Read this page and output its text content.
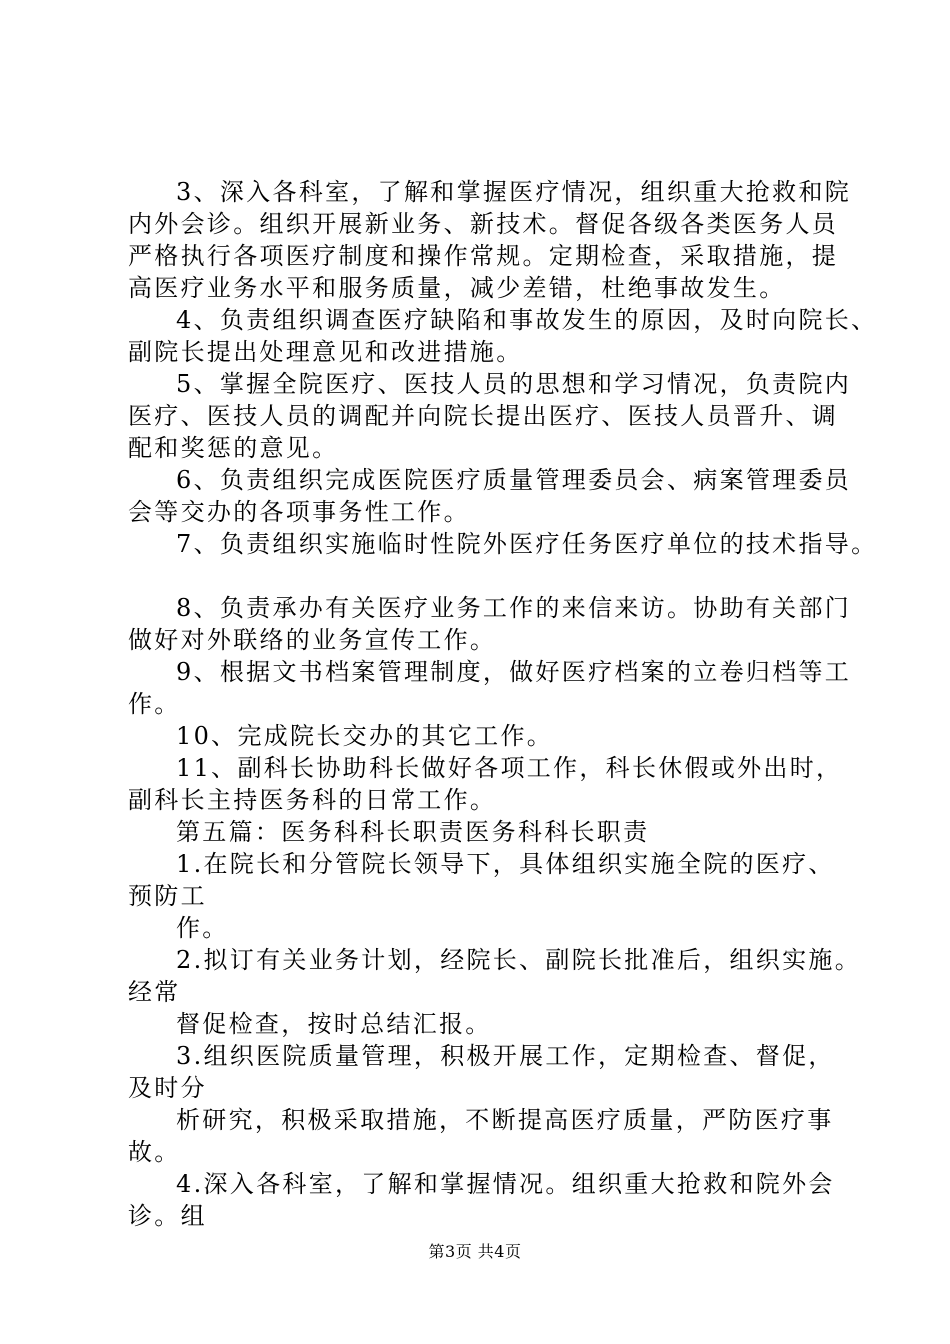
3、深入各科室，了解和掌握医疗情况，组织重大抢救和院
内外会诊。组织开展新业务、新技术。督促各级各类医务人员
严格执行各项医疗制度和操作常规。定期检查，采取措施，提
高医疗业务水平和服务质量，减少差错，杜绝事故发生。
4、负责组织调查医疗缺陷和事故发生的原因，及时向院长、
副院长提出处理意见和改进措施。
5、掌握全院医疗、医技人员的思想和学习情况，负责院内
医疗、医技人员的调配并向院长提出医疗、医技人员晋升、调
配和奖惩的意见。
6、负责组织完成医院医疗质量管理委员会、病案管理委员
会等交办的各项事务性工作。
7、负责组织实施临时性院外医疗任务医疗单位的技术指导。
8、负责承办有关医疗业务工作的来信来访。协助有关部门
做好对外联络的业务宣传工作。
9、根据文书档案管理制度，做好医疗档案的立卷归档等工
作。
10、完成院长交办的其它工作。
11、副科长协助科长做好各项工作，科长休假或外出时，
副科长主持医务科的日常工作。
第五篇：医务科科长职责医务科科长职责
1.在院长和分管院长领导下，具体组织实施全院的医疗、
预防工
作。
2.拟订有关业务计划，经院长、副院长批准后，组织实施。
经常
督促检查，按时总结汇报。
3.组织医院质量管理，积极开展工作，定期检查、督促，
及时分
析研究，积极采取措施，不断提高医疗质量，严防医疗事
故。
4.深入各科室，了解和掌握情况。组织重大抢救和院外会
诊。组
第3页 共4页
